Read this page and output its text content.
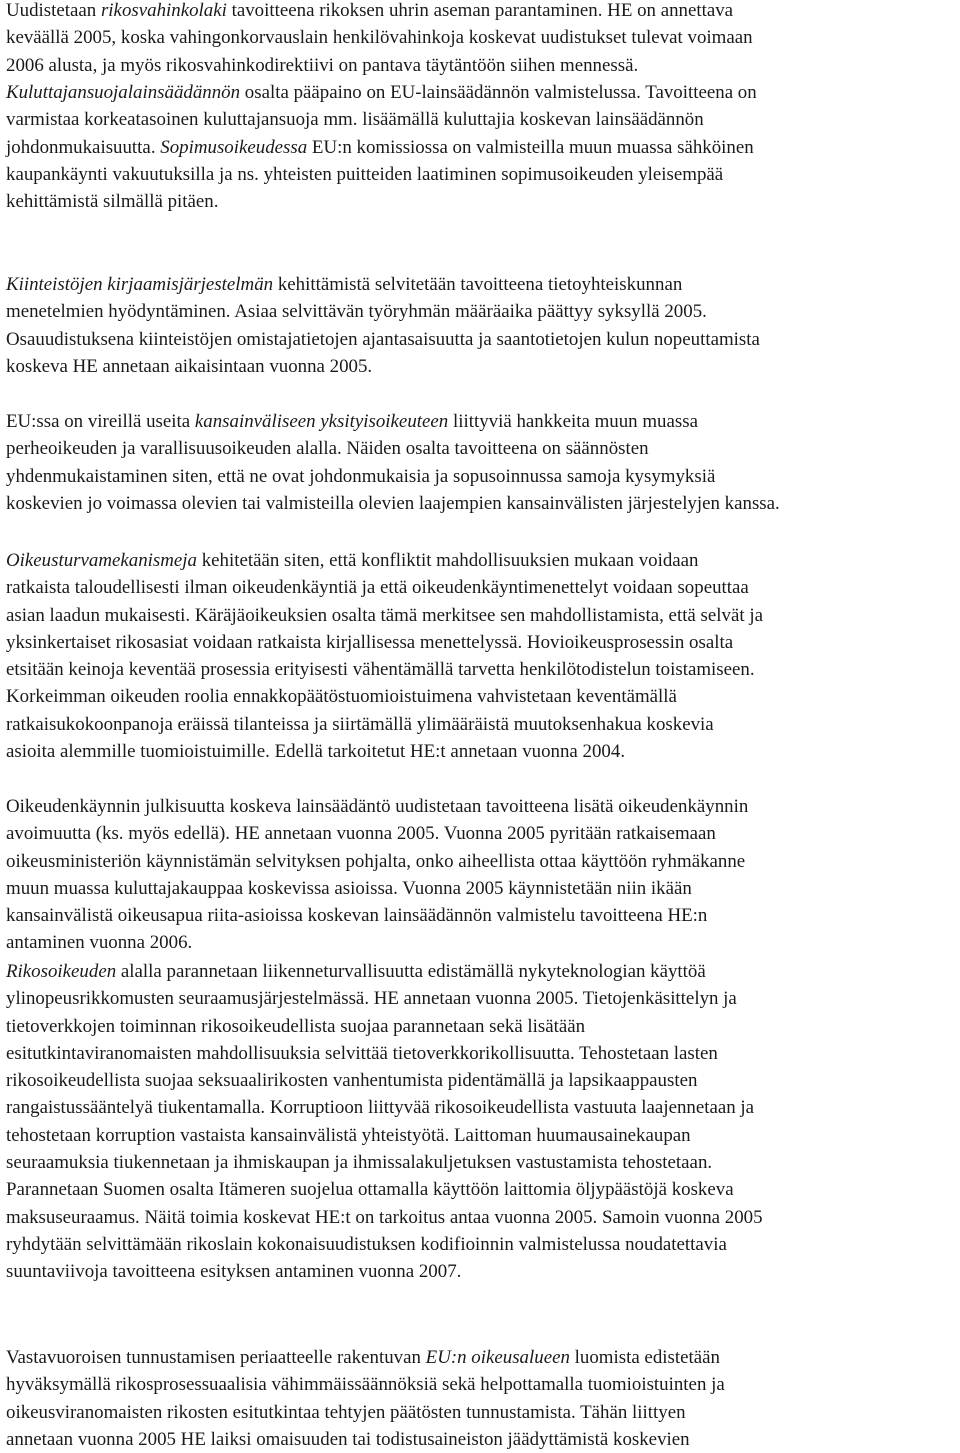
Uudistetaan rikosvahinkolaki tavoitteena rikoksen uhrin aseman parantaminen. HE on annettava
keväällä 2005, koska vahingonkorvauslain henkilövahinkoja koskevat uudistukset tulevat voimaan
2006 alusta, ja myös rikosvahinkodirektiivi on pantava täytäntöön siihen mennessä.

Kuluttajansuojalainsäädännön osalta pääpaino on EU-lainsäädännön valmistelussa. Tavoitteena on
varmistaa korkeatasoinen kuluttajansuoja mm. lisäämällä kuluttajia koskevan lainsäädännön
johdonmukaisuutta. Sopimusoikeudessa EU:n komissiossa on valmisteilla muun muassa sähköinen
kaupankäynti vakuutuksilla ja ns. yhteisten puitteiden laatiminen sopimusoikeuden yleisempää
kehittämistä silmällä pitäen.

Kiinteistöjen kirjaamisjärjestelmän kehittämistä selvitetään tavoitteena tietoyhteiskunnan
menetelmien hyödyntäminen. Asiaa selvittävän työryhmän määräaika päättyy syksyllä 2005.
Osauudistuksena kiinteistöjen omistajatietojen ajantasaisuutta ja saantotietojen kulun nopeuttamista
koskeva HE annetaan aikaisintaan vuonna 2005.

EU:ssa on vireillä useita kansainväliseen yksityisoikeuteen liittyviä hankkeita muun muassa
perheoikeuden ja varallisuusoikeuden alalla. Näiden osalta tavoitteena on säännösten
yhdenmukaistaminen siten, että ne ovat johdonmukaisia ja sopusoinnussa samoja kysymyksiä
koskevien jo voimassa olevien tai valmisteilla olevien laajempien kansainvälisten järjestelyjen kanssa.

Oikeusturvamekanismeja kehitetään siten, että konfliktit mahdollisuuksien mukaan voidaan
ratkaista taloudellisesti ilman oikeudenkäyntiä ja että oikeudenkäyntimenettelyt voidaan sopeuttaa
asian laadun mukaisesti. Käräjäoikeuksien osalta tämä merkitsee sen mahdollistamista, että selvät ja
yksinkertaiset rikosasiat voidaan ratkaista kirjallisessa menettelyssä. Hovioikeusprosessin osalta
etsitään keinoja keventää prosessia erityisesti vähentämällä tarvetta henkilötodistelun toistamiseen.
Korkeimman oikeuden roolia ennakkopäätöstuomioistuimena vahvistetaan keventämällä
ratkaisukokoonpanoja eräissä tilanteissa ja siirtämällä ylimääräistä muutoksenhakua koskevia
asioita alemmille tuomioistuimille. Edellä tarkoitetut HE:t annetaan vuonna 2004.

Oikeudenkäynnin julkisuutta koskeva lainsäädäntö uudistetaan tavoitteena lisätä oikeudenkäynnin
avoimuutta (ks. myös edellä). HE annetaan vuonna 2005. Vuonna 2005 pyritään ratkaisemaan
oikeusministeriön käynnistämän selvityksen pohjalta, onko aiheellista ottaa käyttöön ryhmäkanne
muun muassa kuluttajakauppaa koskevissa asioissa. Vuonna 2005 käynnistetään niin ikään
kansainvälistä oikeusapua riita-asioissa koskevan lainsäädännön valmistelu tavoitteena HE:n
antaminen vuonna 2006.

Rikosoikeuden alalla parannetaan liikenneturvallisuutta edistämällä nykyteknologian käyttöä
ylinopeusrikkomusten seuraamusjärjestelmässä. HE annetaan vuonna 2005. Tietojenkäsittelyn ja
tietoverkkojen toiminnan rikosoikeudellista suojaa parannetaan sekä lisätään
esitutkintaviranomaisten mahdollisuuksia selvittää tietoverkkorikollisuutta. Tehostetaan lasten
rikosoikeudellista suojaa seksuaalirikosten vanhentumista pidentämällä ja lapsikaappausten
rangaistussääntelyä tiukentamalla. Korruptioon liittyvää rikosoikeudellista vastuuta laajennetaan ja
tehostetaan korruption vastaista kansainvälistä yhteistyötä. Laittoman huumausainekaupan
seuraamuksia tiukennetaan ja ihmiskaupan ja ihmissalakuljetuksen vastustamista tehostetaan.
Parannetaan Suomen osalta Itämeren suojelua ottamalla käyttöön laittomia öljypäästöjä koskeva
maksuseuraamus. Näitä toimia koskevat HE:t on tarkoitus antaa vuonna 2005. Samoin vuonna 2005
ryhdytään selvittämään rikoslain kokonaisuudistuksen kodifioinnin valmistelussa noudatettavia
suuntaviivoja tavoitteena esityksen antaminen vuonna 2007.

Vastavuoroisen tunnustamisen periaatteelle rakentuvan EU:n oikeusalueen luomista edistetään
hyväksymällä rikosprosessuaalisia vähimmäissäännöksiä sekä helpottamalla tuomioistuinten ja
oikeusviranomaisten rikosten esitutkintaa tehtyjen päätösten tunnustamista. Tähän liittyen
annetaan vuonna 2005 HE laiksi omaisuuden tai todistusaineiston jäädyttämistä koskevien
